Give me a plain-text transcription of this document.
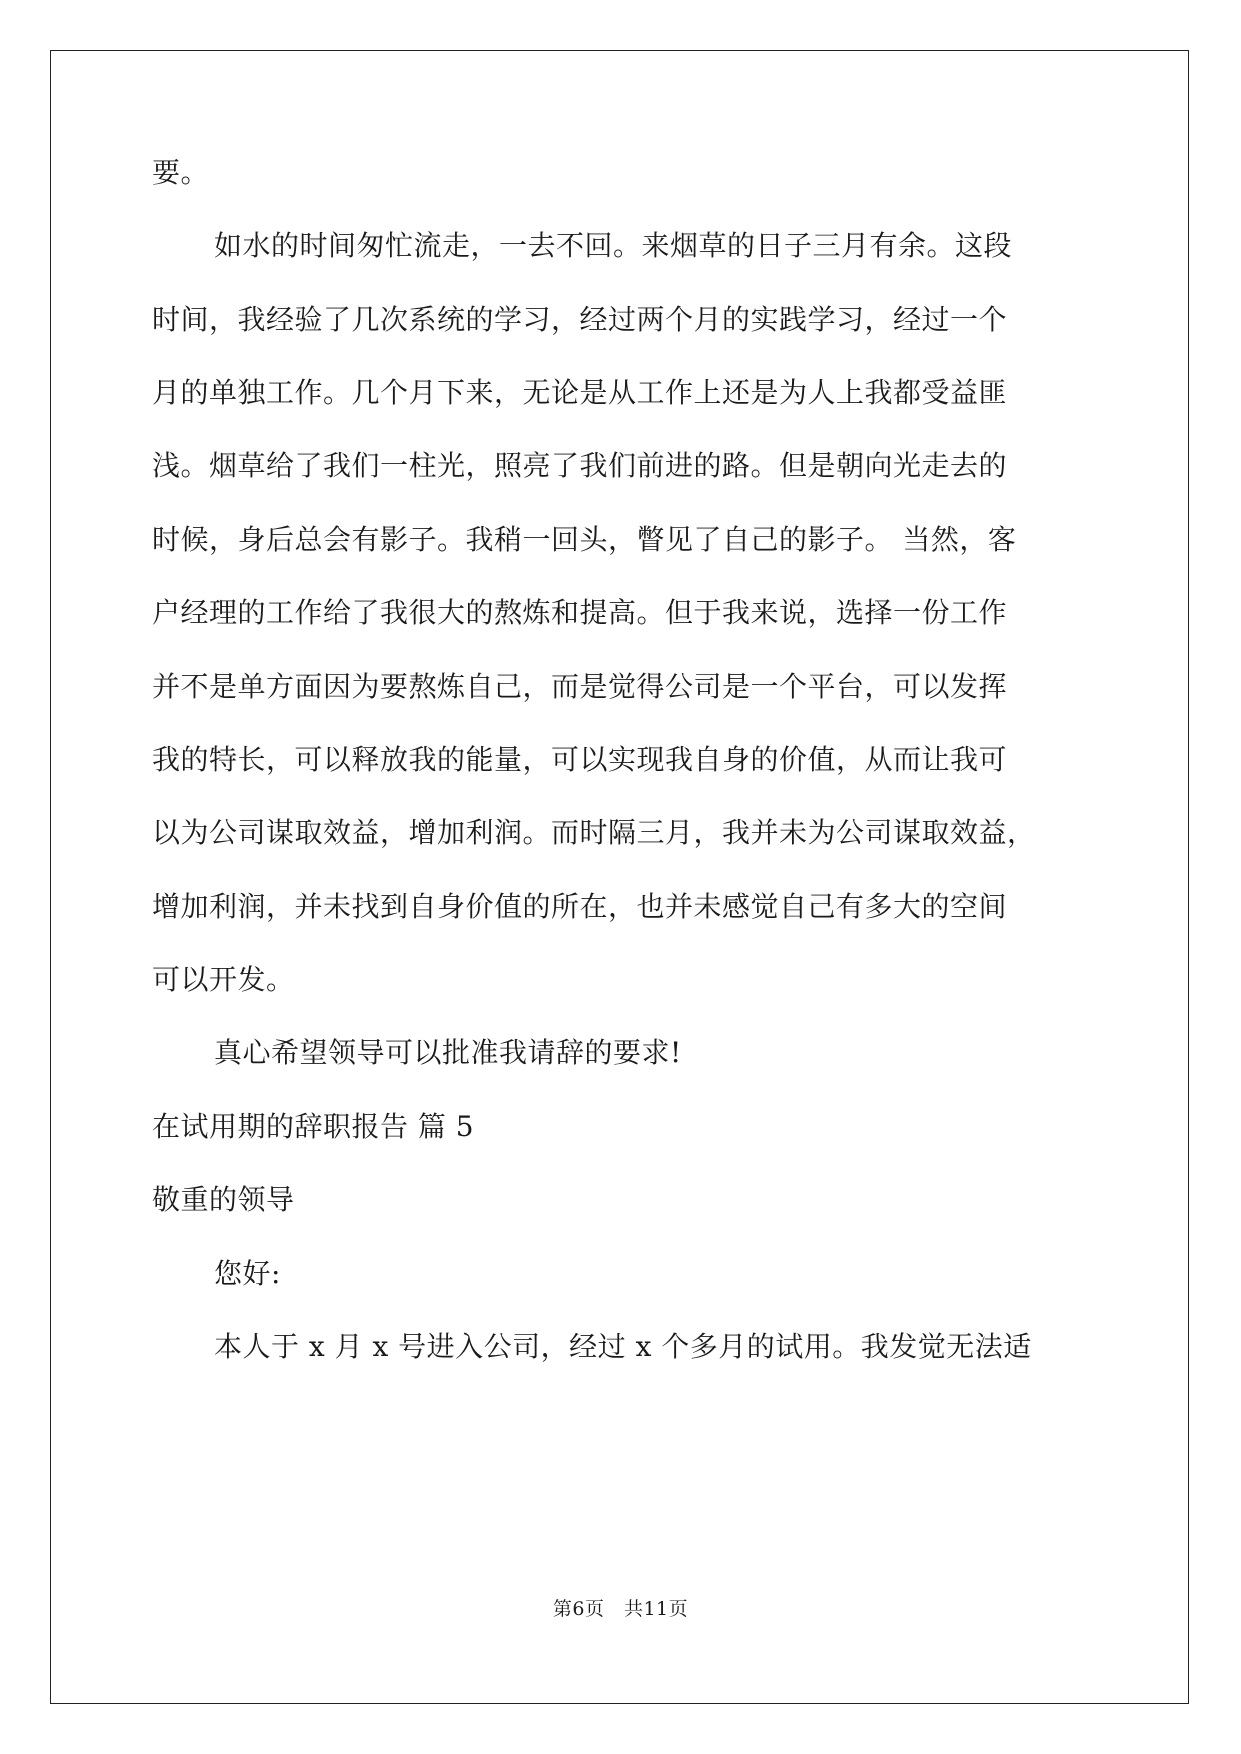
要。
如水的时间匆忙流走，一去不回。来烟草的日子三月有余。这段
时间，我经验了几次系统的学习，经过两个月的实践学习，经过一个
月的单独工作。几个月下来，无论是从工作上还是为人上我都受益匪
浅。烟草给了我们一柱光，照亮了我们前进的路。但是朝向光走去的
时候，身后总会有影子。我稍一回头，瞥见了自己的影子。 当然，客
户经理的工作给了我很大的熬炼和提高。但于我来说，选择一份工作
并不是单方面因为要熬炼自己，而是觉得公司是一个平台，可以发挥
我的特长，可以释放我的能量，可以实现我自身的价值，从而让我可
以为公司谋取效益，增加利润。而时隔三月，我并未为公司谋取效益，
增加利润，并未找到自身价值的所在，也并未感觉自己有多大的空间
可以开发。
真心希望领导可以批准我请辞的要求!
在试用期的辞职报告 篇 5
敬重的领导
您好:
本人于 x 月 x 号进入公司，经过 x 个多月的试用。我发觉无法适
第6页　共11页
